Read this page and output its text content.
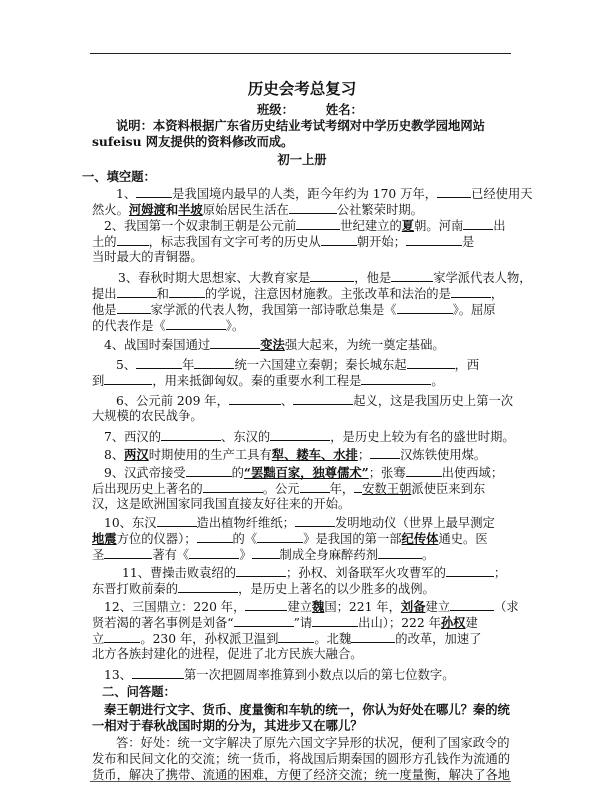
历史会考总复习
班级：	姓名：
说明：本资料根据广东省历史结业考试考纲对中学历史教学园地网站
sufeisu 网友提供的资料修改而成。
初一上册
一、填空题：
1、	是我国境内最早的人类，距今年约为 170 万年，	已经使用天
然火。河姆渡和半坡原始居民生活在	公社繁荣时期。
2、我国第一个奴隶制王朝是公元前	世纪建立的夏朝。河南 出
土的	，标志我国有文字可考的历史从	朝开始；	是
当时最大的青铜器。
3、春秋时期大思想家、大教育家是	，他是	家学派代表人物，
提出	和	的学说，注意因材施教。主张改革和法治的是	，
他是	家学派的代表人物，我国第一部诗歌总集是《	》。屈原
的代表作是《	》。
4、战国时秦国通过	变法强大起来，为统一奠定基础。
5、	年	统一六国建立秦朝；秦长城东起	，西
到	，用来抵御匈奴。秦的重要水利工程是	。
6、公元前 209 年，	、	起义，这是我国历史上第一次
大规模的农民战争。
7、西汉的	、东汉的	，是历史上较为有名的盛世时期。
8、两汉时期使用的生产工具有犁、耧车、水排； 汉炼铁使用煤。
9、汉武帝接受	的“罢黜百家，独尊儒术”；张骞	出使西域；
后出现历史上著名的	。公元 年， 安数王朝派使臣来到东
汉，这是欧洲国家同我国直接友好往来的开始。
10、东汉	造出植物纤维纸；	发明地动仪（世界上最早测定
地震方位的仪器）；	的《	》是我国的第一部纪传体通史。医
圣	著有《	》 制成全身麻醉药剂	。
11、曹操击败袁绍的	；孙权、刘备联军火攻曹军的	；
东晋打败前秦的	，是历史上著名的以少胜多的战例。
12、三国鼎立：220 年，	建立魏国；221 年，刘备建立	（求
贤若渴的著名事例是刘备“	”请	出山）；222 年孙权建
立	。230 年，孙权派卫温到	。北魏	的改革，加速了
北方各族封建化的进程，促进了北方民族大融合。
13、	第一次把圆周率推算到小数点以后的第七位数字。
二、问答题：
秦王朝进行文字、货币、度量衡和车轨的统一，你认为好处在哪儿？秦的统
一相对于春秋战国时期的分为，其进步又在哪儿？
答：好处：统一文字解决了原先六国文字异形的状况，便利了国家政令的
发布和民间文化的交流；统一货币，将战国后期秦国的圆形方孔钱作为流通的
货币，解决了携带、流通的困难，方便了经济交流；统一度量衡，解决了各地
